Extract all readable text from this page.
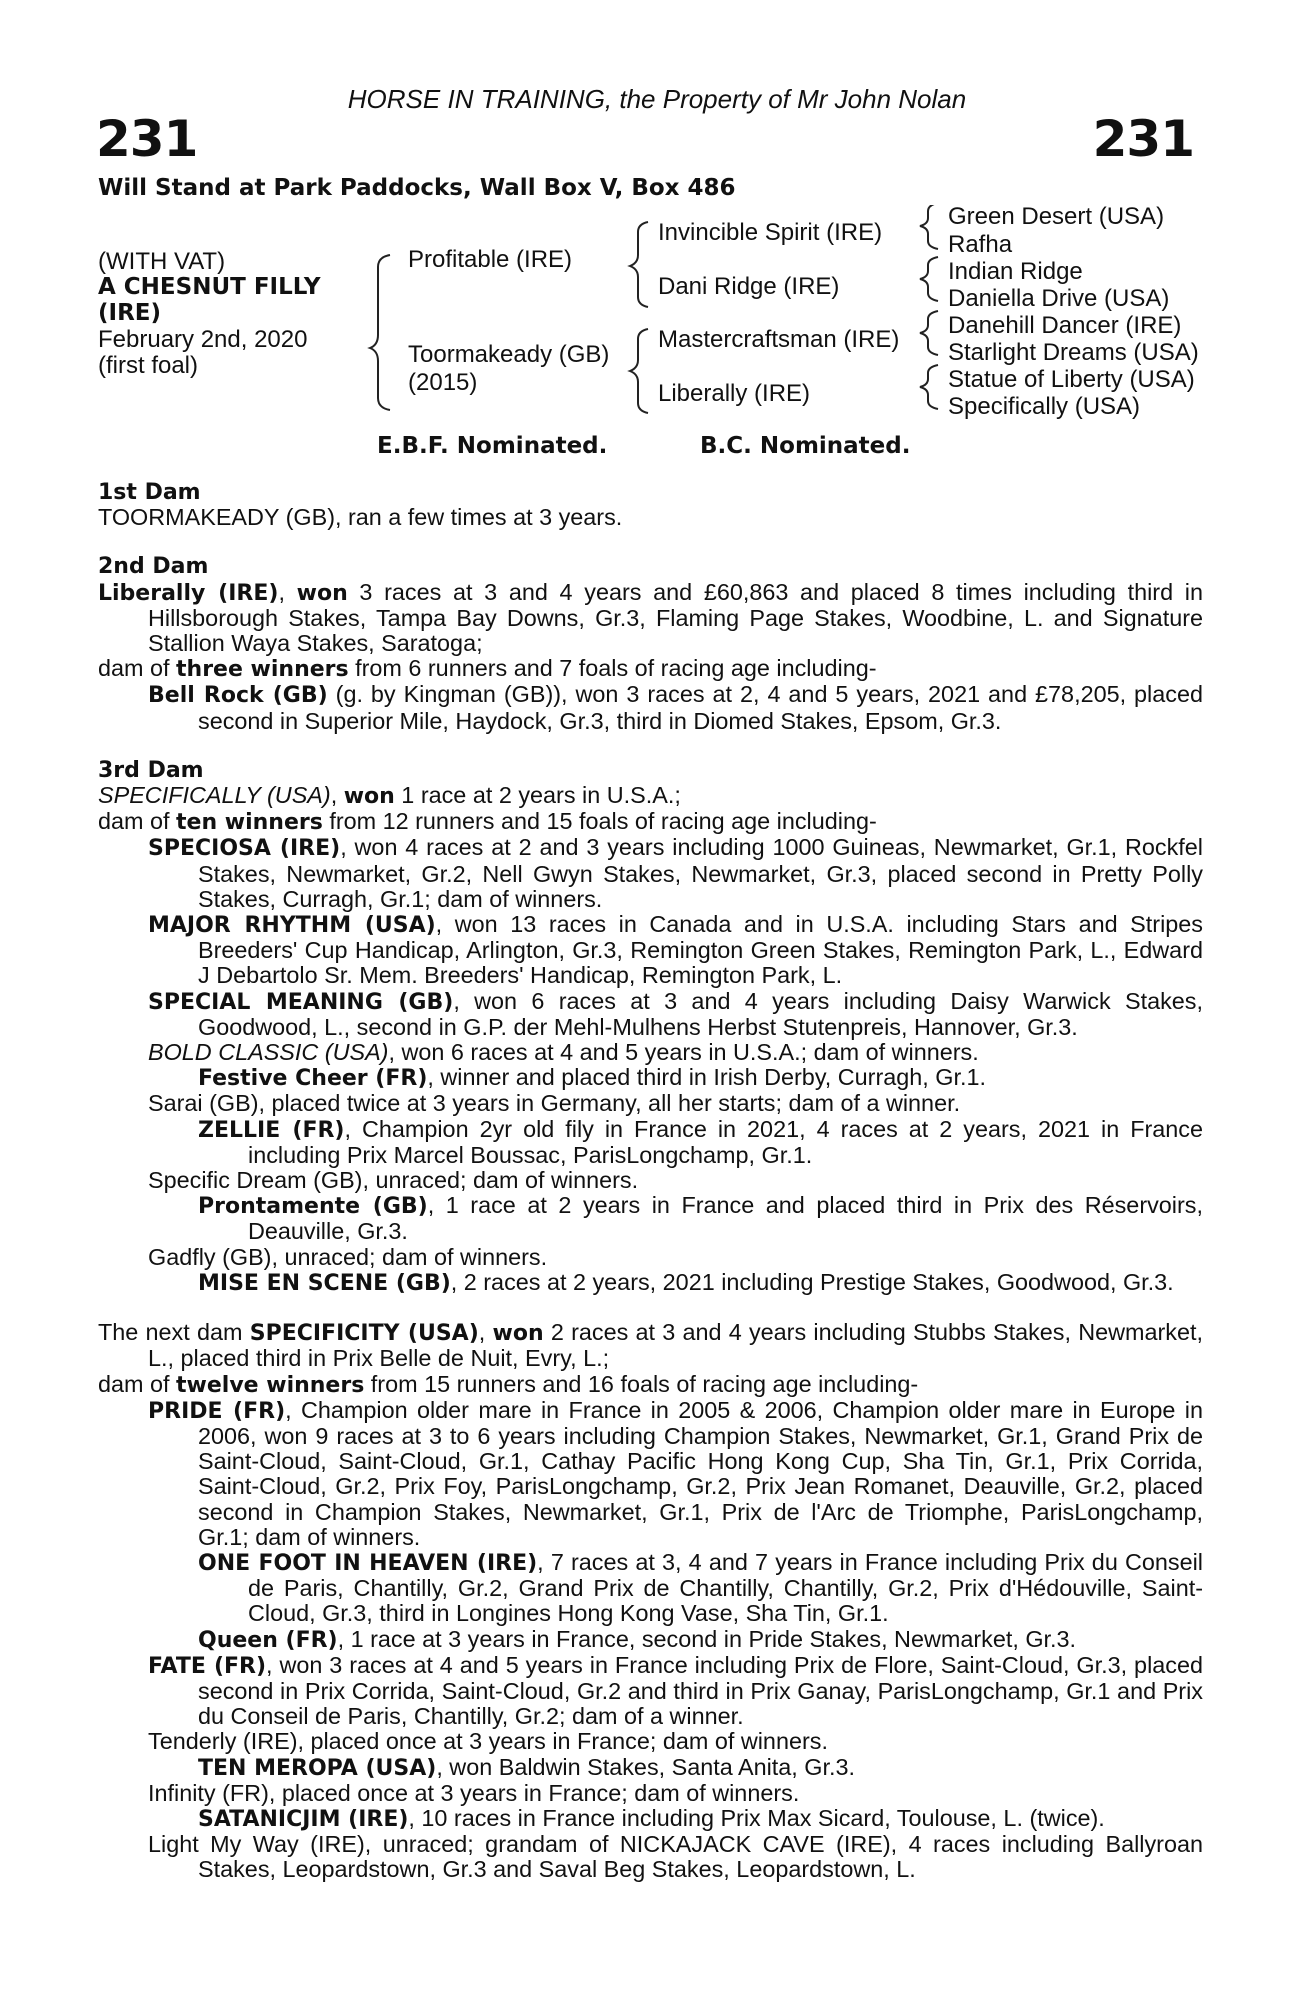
HORSE IN TRAINING, the Property of Mr John Nolan
231	231
Will Stand at Park Paddocks, Wall Box V, Box 486
(WITH VAT)
A CHESNUT FILLY
(IRE)
February 2nd, 2020
(first foal)
Profitable (IRE)
Toormakeady (GB)
(2015)
Invincible Spirit (IRE)
Dani Ridge (IRE)
Mastercraftsman (IRE)
Liberally (IRE)
Green Desert (USA)
Rafha
Indian Ridge
Daniella Drive (USA)
Danehill Dancer (IRE)
Starlight Dreams (USA)
Statue of Liberty (USA)
Specifically (USA)
E.B.F. Nominated.	B.C. Nominated.

1st Dam

TOORMAKEADY (GB), ran a few times at 3 years.

2nd Dam

Liberally (IRE), won 3 races at 3 and 4 years and £60,863 and placed 8 times including third in Hillsborough Stakes, Tampa Bay Downs, Gr.3, Flaming Page Stakes, Woodbine, L. and Signature Stallion Waya Stakes, Saratoga;

dam of three winners from 6 runners and 7 foals of racing age including-

Bell Rock (GB) (g. by Kingman (GB)), won 3 races at 2, 4 and 5 years, 2021 and £78,205, placed second in Superior Mile, Haydock, Gr.3, third in Diomed Stakes, Epsom, Gr.3.

3rd Dam

SPECIFICALLY (USA), won 1 race at 2 years in U.S.A.;

dam of ten winners from 12 runners and 15 foals of racing age including-

SPECIOSA (IRE), won 4 races at 2 and 3 years including 1000 Guineas, Newmarket, Gr.1, Rockfel Stakes, Newmarket, Gr.2, Nell Gwyn Stakes, Newmarket, Gr.3, placed second in Pretty Polly Stakes, Curragh, Gr.1; dam of winners.

MAJOR RHYTHM (USA), won 13 races in Canada and in U.S.A. including Stars and Stripes Breeders' Cup Handicap, Arlington, Gr.3, Remington Green Stakes, Remington Park, L., Edward J Debartolo Sr. Mem. Breeders' Handicap, Remington Park, L.

SPECIAL MEANING (GB), won 6 races at 3 and 4 years including Daisy Warwick Stakes, Goodwood, L., second in G.P. der Mehl-Mulhens Herbst Stutenpreis, Hannover, Gr.3.

BOLD CLASSIC (USA), won 6 races at 4 and 5 years in U.S.A.; dam of winners.

Festive Cheer (FR), winner and placed third in Irish Derby, Curragh, Gr.1.

Sarai (GB), placed twice at 3 years in Germany, all her starts; dam of a winner.

ZELLIE (FR), Champion 2yr old fily in France in 2021, 4 races at 2 years, 2021 in France including Prix Marcel Boussac, ParisLongchamp, Gr.1.

Specific Dream (GB), unraced; dam of winners.

Prontamente (GB), 1 race at 2 years in France and placed third in Prix des Réservoirs, Deauville, Gr.3.

Gadfly (GB), unraced; dam of winners.

MISE EN SCENE (GB), 2 races at 2 years, 2021 including Prestige Stakes, Goodwood, Gr.3.

The next dam SPECIFICITY (USA), won 2 races at 3 and 4 years including Stubbs Stakes, Newmarket, L., placed third in Prix Belle de Nuit, Evry, L.;

dam of twelve winners from 15 runners and 16 foals of racing age including-

PRIDE (FR), Champion older mare in France in 2005 & 2006, Champion older mare in Europe in 2006, won 9 races at 3 to 6 years including Champion Stakes, Newmarket, Gr.1, Grand Prix de Saint-Cloud, Saint-Cloud, Gr.1, Cathay Pacific Hong Kong Cup, Sha Tin, Gr.1, Prix Corrida, Saint-Cloud, Gr.2, Prix Foy, ParisLongchamp, Gr.2, Prix Jean Romanet, Deauville, Gr.2, placed second in Champion Stakes, Newmarket, Gr.1, Prix de l'Arc de Triomphe, ParisLongchamp, Gr.1; dam of winners.

ONE FOOT IN HEAVEN (IRE), 7 races at 3, 4 and 7 years in France including Prix du Conseil de Paris, Chantilly, Gr.2, Grand Prix de Chantilly, Chantilly, Gr.2, Prix d'Hédouville, Saint-Cloud, Gr.3, third in Longines Hong Kong Vase, Sha Tin, Gr.1.

Queen (FR), 1 race at 3 years in France, second in Pride Stakes, Newmarket, Gr.3.

FATE (FR), won 3 races at 4 and 5 years in France including Prix de Flore, Saint-Cloud, Gr.3, placed second in Prix Corrida, Saint-Cloud, Gr.2 and third in Prix Ganay, ParisLongchamp, Gr.1 and Prix du Conseil de Paris, Chantilly, Gr.2; dam of a winner.

Tenderly (IRE), placed once at 3 years in France; dam of winners.

TEN MEROPA (USA), won Baldwin Stakes, Santa Anita, Gr.3.

Infinity (FR), placed once at 3 years in France; dam of winners.

SATANICJIM (IRE), 10 races in France including Prix Max Sicard, Toulouse, L. (twice).

Light My Way (IRE), unraced; grandam of NICKAJACK CAVE (IRE), 4 races including Ballyroan Stakes, Leopardstown, Gr.3 and Saval Beg Stakes, Leopardstown, L.
